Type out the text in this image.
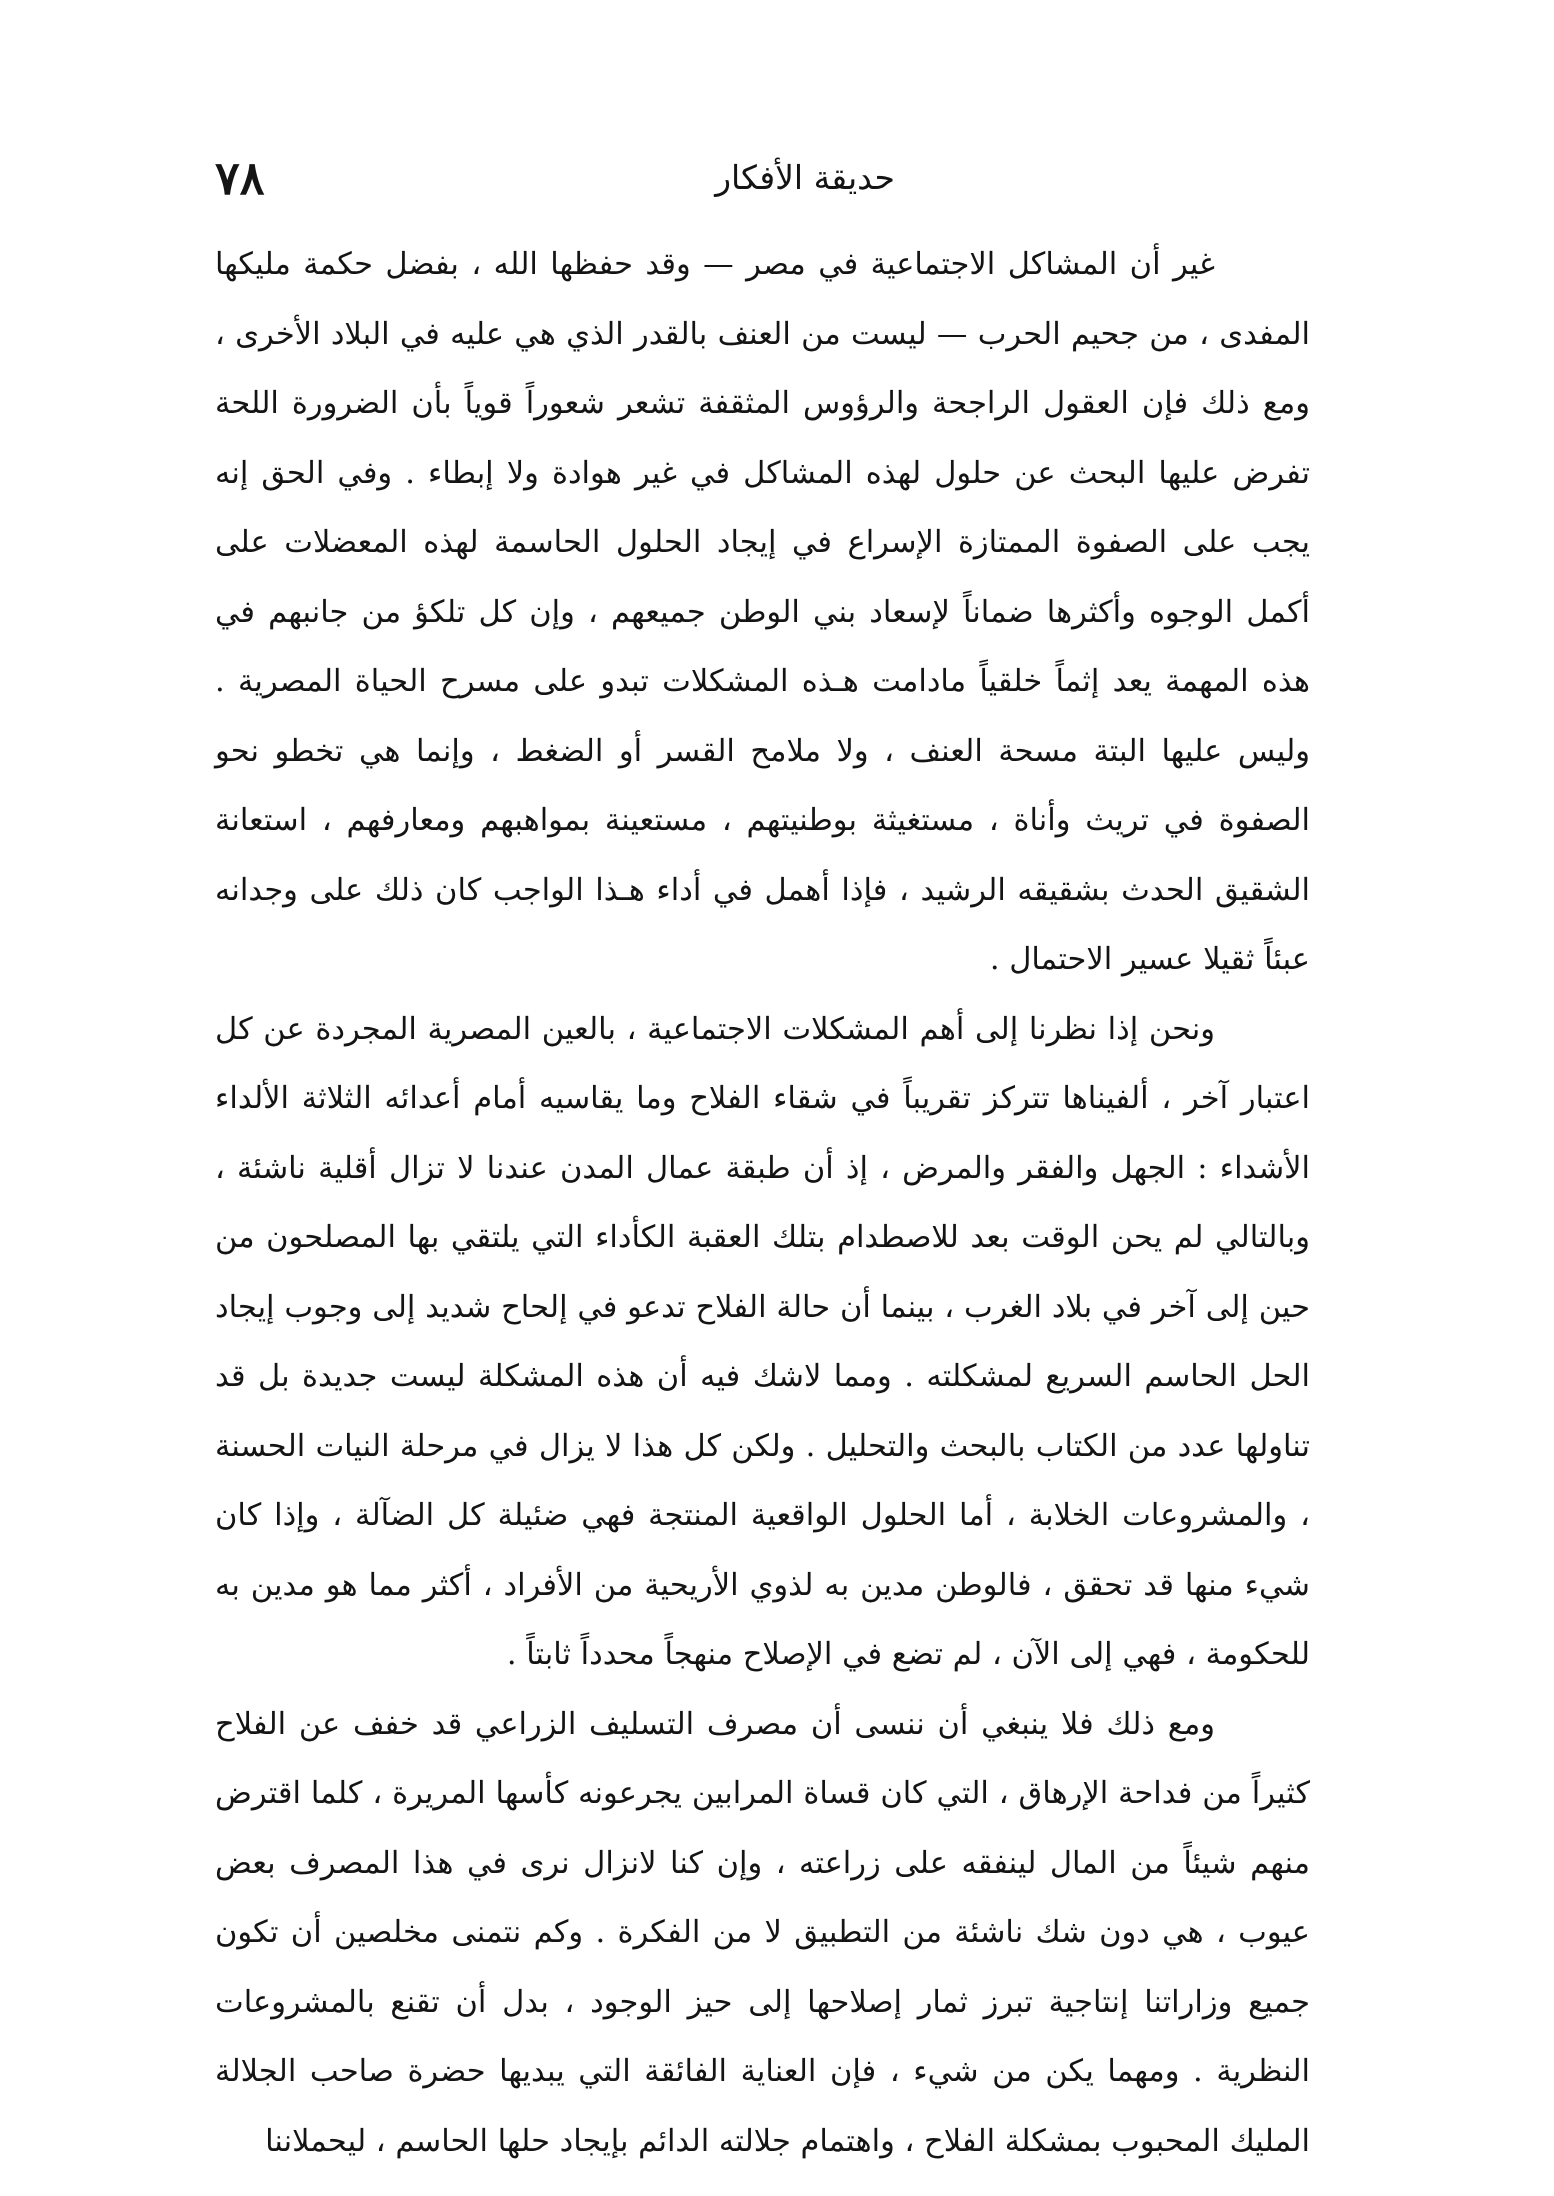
٧٨	حديقة الأفكار

غير أن المشاكل الاجتماعية في مصر — وقد حفظها الله ، بفضل حكمة مليكها المفدى ، من جحيم الحرب — ليست من العنف بالقدر الذي هي عليه في البلاد الأخرى ، ومع ذلك فإن العقول الراجحة والرؤوس المثقفة تشعر شعوراً قوياً بأن الضرورة اللحة تفرض عليها البحث عن حلول لهذه المشاكل في غير هوادة ولا إبطاء . وفي الحق إنه يجب على الصفوة الممتازة الإسراع في إيجاد الحلول الحاسمة لهذه المعضلات على أكمل الوجوه وأكثرها ضماناً لإسعاد بني الوطن جميعهم ، وإن كل تلكؤ من جانبهم في هذه المهمة يعد إثماً خلقياً مادامت هـذه المشكلات تبدو على مسرح الحياة المصرية . وليس عليها البتة مسحة العنف ، ولا ملامح القسر أو الضغط ، وإنما هي تخطو نحو الصفوة في تريث وأناة ، مستغيثة بوطنيتهم ، مستعينة بمواهبهم ومعارفهم ، استعانة الشقيق الحدث بشقيقه الرشيد ، فإذا أهمل في أداء هـذا الواجب كان ذلك على وجدانه عبئاً ثقيلا عسير الاحتمال .

ونحن إذا نظرنا إلى أهم المشكلات الاجتماعية ، بالعين المصرية المجردة عن كل اعتبار آخر ، ألفيناها تتركز تقريباً في شقاء الفلاح وما يقاسيه أمام أعدائه الثلاثة الألداء الأشداء : الجهل والفقر والمرض ، إذ أن طبقة عمال المدن عندنا لا تزال أقلية ناشئة ، وبالتالي لم يحن الوقت بعد للاصطدام بتلك العقبة الكأداء التي يلتقي بها المصلحون من حين إلى آخر في بلاد الغرب ، بينما أن حالة الفلاح تدعو في إلحاح شديد إلى وجوب إيجاد الحل الحاسم السريع لمشكلته . ومما لاشك فيه أن هذه المشكلة ليست جديدة بل قد تناولها عدد من الكتاب بالبحث والتحليل . ولكن كل هذا لا يزال في مرحلة النيات الحسنة ، والمشروعات الخلابة ، أما الحلول الواقعية المنتجة فهي ضئيلة كل الضآلة ، وإذا كان شيء منها قد تحقق ، فالوطن مدين به لذوي الأريحية من الأفراد ، أكثر مما هو مدين به للحكومة ، فهي إلى الآن ، لم تضع في الإصلاح منهجاً محدداً ثابتاً .

ومع ذلك فلا ينبغي أن ننسى أن مصرف التسليف الزراعي قد خفف عن الفلاح كثيراً من فداحة الإرهاق ، التي كان قساة المرابين يجرعونه كأسها المريرة ، كلما اقترض منهم شيئاً من المال لينفقه على زراعته ، وإن كنا لانزال نرى في هذا المصرف بعض عيوب ، هي دون شك ناشئة من التطبيق لا من الفكرة . وكم نتمنى مخلصين أن تكون جميع وزاراتنا إنتاجية تبرز ثمار إصلاحها إلى حيز الوجود ، بدل أن تقنع بالمشروعات النظرية . ومهما يكن من شيء ، فإن العناية الفائقة التي يبديها حضرة صاحب الجلالة المليك المحبوب بمشكلة الفلاح ، واهتمام جلالته الدائم بإيجاد حلها الحاسم ، ليحملاننا
